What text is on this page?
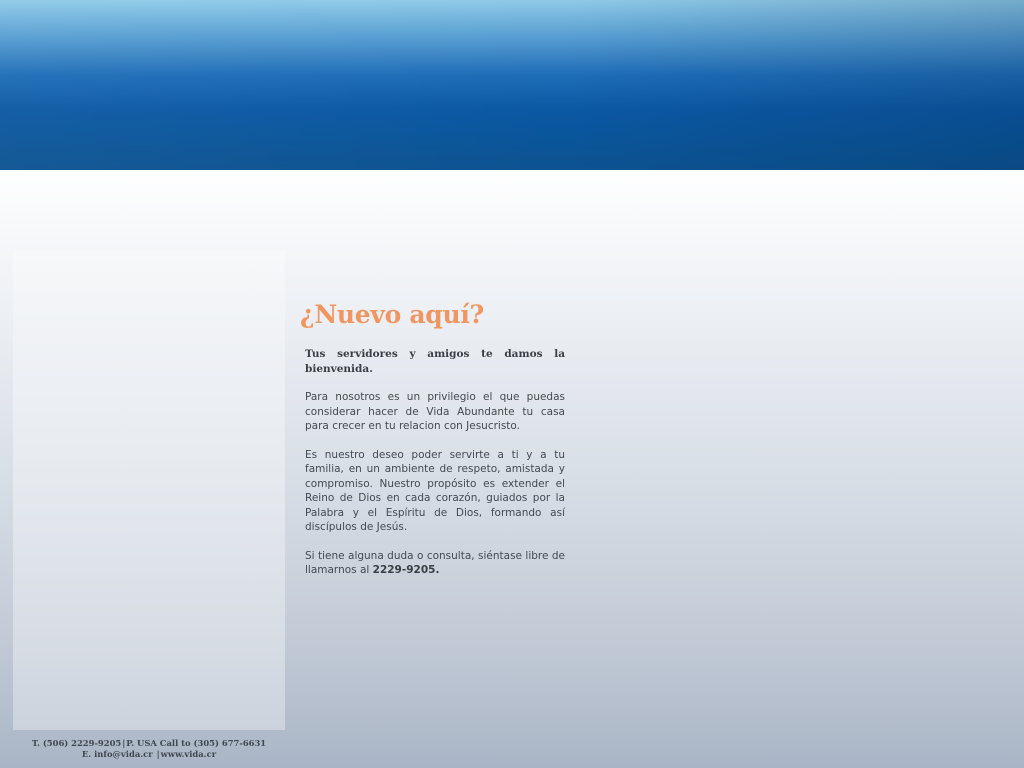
¿Nuevo aquí?

Tus servidores y amigos te damos la bienvenida.

Para nosotros es un privilegio el que puedas considerar hacer de Vida Abundante tu casa para crecer en tu relacion con Jesucristo.

Es nuestro deseo poder servirte a ti y a tu familia, en un ambiente de respeto, amistada y compromiso. Nuestro propósito es extender el Reino de Dios en cada corazón, guiados por la Palabra y el Espíritu de Dios, formando así discípulos de Jesús.

Si tiene alguna duda o consulta, siéntase libre de llamarnos al 2229-9205.

T. (506) 2229-9205|P. USA Call to (305) 677-6631
E. info@vida.cr |www.vida.cr
